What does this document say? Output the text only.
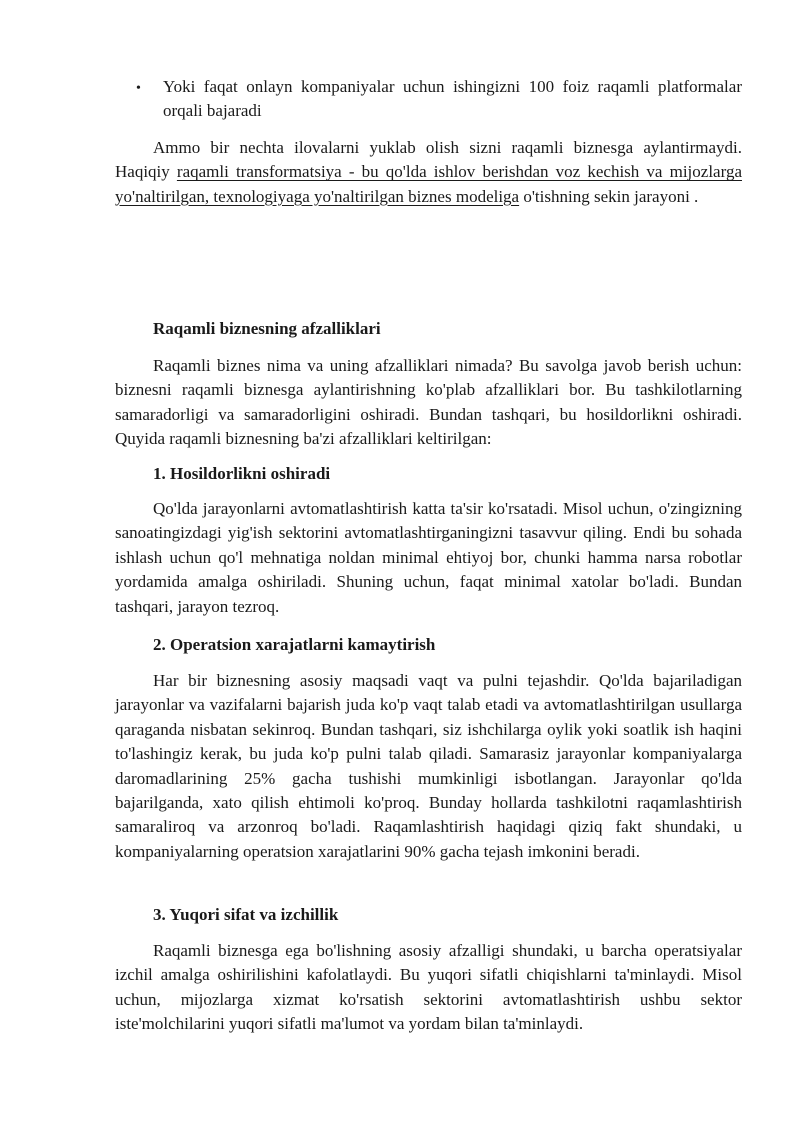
• Yoki faqat onlayn kompaniyalar uchun ishingizni 100 foiz raqamli platformalar orqali bajaradi

Ammo bir nechta ilovalarni yuklab olish sizni raqamli biznesga aylantirmaydi. Haqiqiy raqamli transformatsiya - bu qo'lda ishlov berishdan voz kechish va mijozlarga yo'naltirilgan, texnologiyaga yo'naltirilgan biznes modeliga o'tishning sekin jarayoni .

Raqamli biznesning afzalliklari

Raqamli biznes nima va uning afzalliklari nimada? Bu savolga javob berish uchun: biznesni raqamli biznesga aylantirishning ko'plab afzalliklari bor. Bu tashkilotlarning samaradorligi va samaradorligini oshiradi. Bundan tashqari, bu hosildorlikni oshiradi. Quyida raqamli biznesning ba'zi afzalliklari keltirilgan:

1. Hosildorlikni oshiradi

Qo'lda jarayonlarni avtomatlashtirish katta ta'sir ko'rsatadi. Misol uchun, o'zingizning sanoatingizdagi yig'ish sektorini avtomatlashtirganingizni tasavvur qiling. Endi bu sohada ishlash uchun qo'l mehnatiga noldan minimal ehtiyoj bor, chunki hamma narsa robotlar yordamida amalga oshiriladi. Shuning uchun, faqat minimal xatolar bo'ladi. Bundan tashqari, jarayon tezroq.

2. Operatsion xarajatlarni kamaytirish

Har bir biznesning asosiy maqsadi vaqt va pulni tejashdir. Qo'lda bajariladigan jarayonlar va vazifalarni bajarish juda ko'p vaqt talab etadi va avtomatlashtirilgan usullarga qaraganda nisbatan sekinroq. Bundan tashqari, siz ishchilarga oylik yoki soatlik ish haqini to'lashingiz kerak, bu juda ko'p pulni talab qiladi. Samarasiz jarayonlar kompaniyalarga daromadlarining 25% gacha tushishi mumkinligi isbotlangan. Jarayonlar qo'lda bajarilganda, xato qilish ehtimoli ko'proq. Bunday hollarda tashkilotni raqamlashtirish samaraliroq va arzonroq bo'ladi. Raqamlashtirish haqidagi qiziq fakt shundaki, u kompaniyalarning operatsion xarajatlarini 90% gacha tejash imkonini beradi.

3. Yuqori sifat va izchillik

Raqamli biznesga ega bo'lishning asosiy afzalligi shundaki, u barcha operatsiyalar izchil amalga oshirilishini kafolatlaydi. Bu yuqori sifatli chiqishlarni ta'minlaydi. Misol uchun, mijozlarga xizmat ko'rsatish sektorini avtomatlashtirish ushbu sektor iste'molchilarini yuqori sifatli ma'lumot va yordam bilan ta'minlaydi.
